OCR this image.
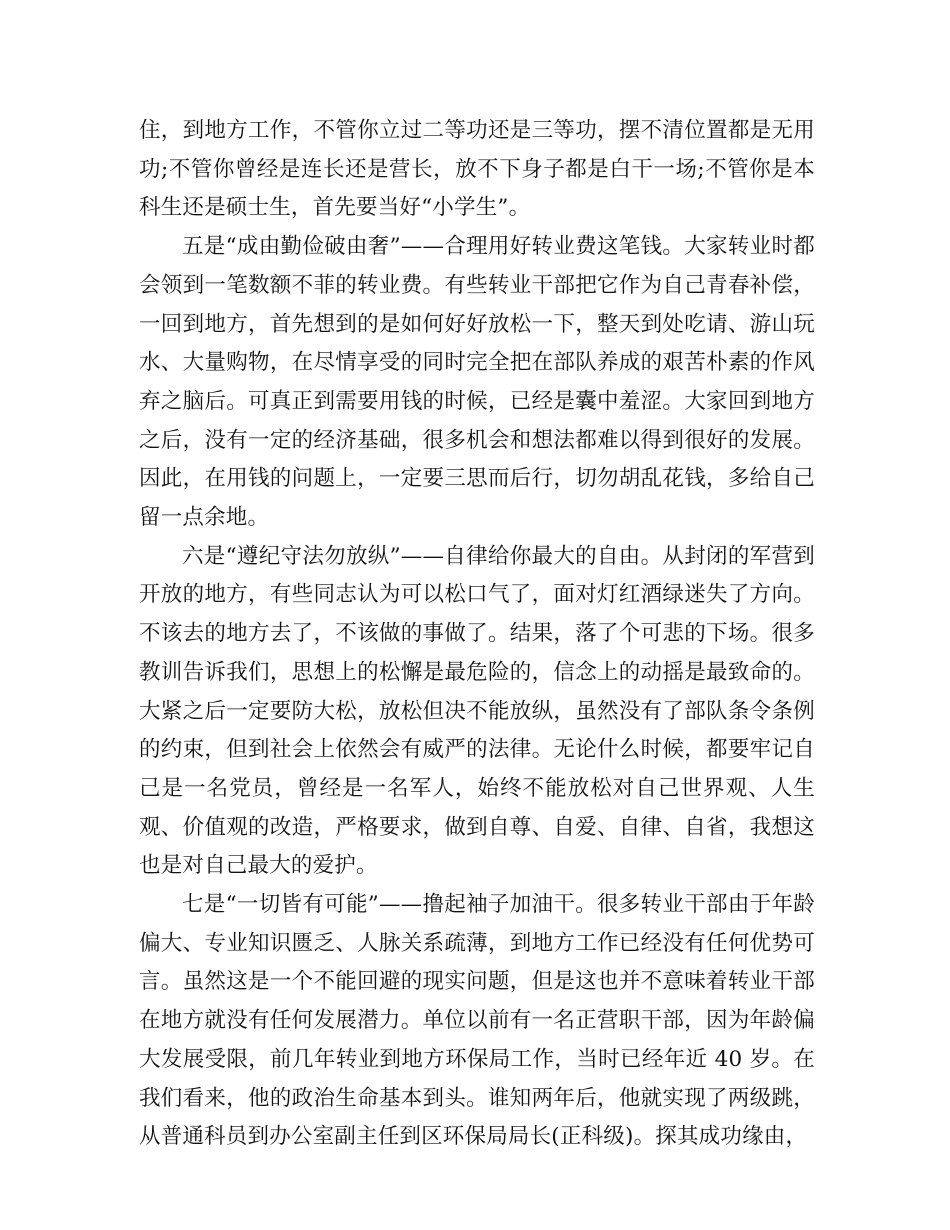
住，到地方工作，不管你立过二等功还是三等功，摆不清位置都是无用功;不管你曾经是连长还是营长，放不下身子都是白干一场;不管你是本科生还是硕士生，首先要当好“小学生”。

五是“成由勤俭破由奢”——合理用好转业费这笔钱。大家转业时都会领到一笔数额不菲的转业费。有些转业干部把它作为自己青春补偿，一回到地方，首先想到的是如何好好放松一下，整天到处吃请、游山玩水、大量购物，在尽情享受的同时完全把在部队养成的艰苦朴素的作风弃之脑后。可真正到需要用钱的时候，已经是囊中羞涩。大家回到地方之后，没有一定的经济基础，很多机会和想法都难以得到很好的发展。因此，在用钱的问题上，一定要三思而后行，切勿胡乱花钱，多给自己留一点余地。

六是“遵纪守法勿放纵”——自律给你最大的自由。从封闭的军营到开放的地方，有些同志认为可以松口气了，面对灯红酒绿迷失了方向。不该去的地方去了，不该做的事做了。结果，落了个可悲的下场。很多教训告诉我们，思想上的松懈是最危险的，信念上的动摇是最致命的。大紧之后一定要防大松，放松但决不能放纵，虽然没有了部队条令条例的约束，但到社会上依然会有威严的法律。无论什么时候，都要牢记自己是一名党员，曾经是一名军人，始终不能放松对自己世界观、人生观、价值观的改造，严格要求，做到自尊、自爱、自律、自省，我想这也是对自己最大的爱护。

七是“一切皆有可能”——撸起袖子加油干。很多转业干部由于年龄偏大、专业知识匮乏、人脉关系疏薄，到地方工作已经没有任何优势可言。虽然这是一个不能回避的现实问题，但是这也并不意味着转业干部在地方就没有任何发展潜力。单位以前有一名正营职干部，因为年龄偏大发展受限，前几年转业到地方环保局工作，当时已经年近 40 岁。在我们看来，他的政治生命基本到头。谁知两年后，他就实现了两级跳，从普通科员到办公室副主任到区环保局局长(正科级)。探其成功缘由，
